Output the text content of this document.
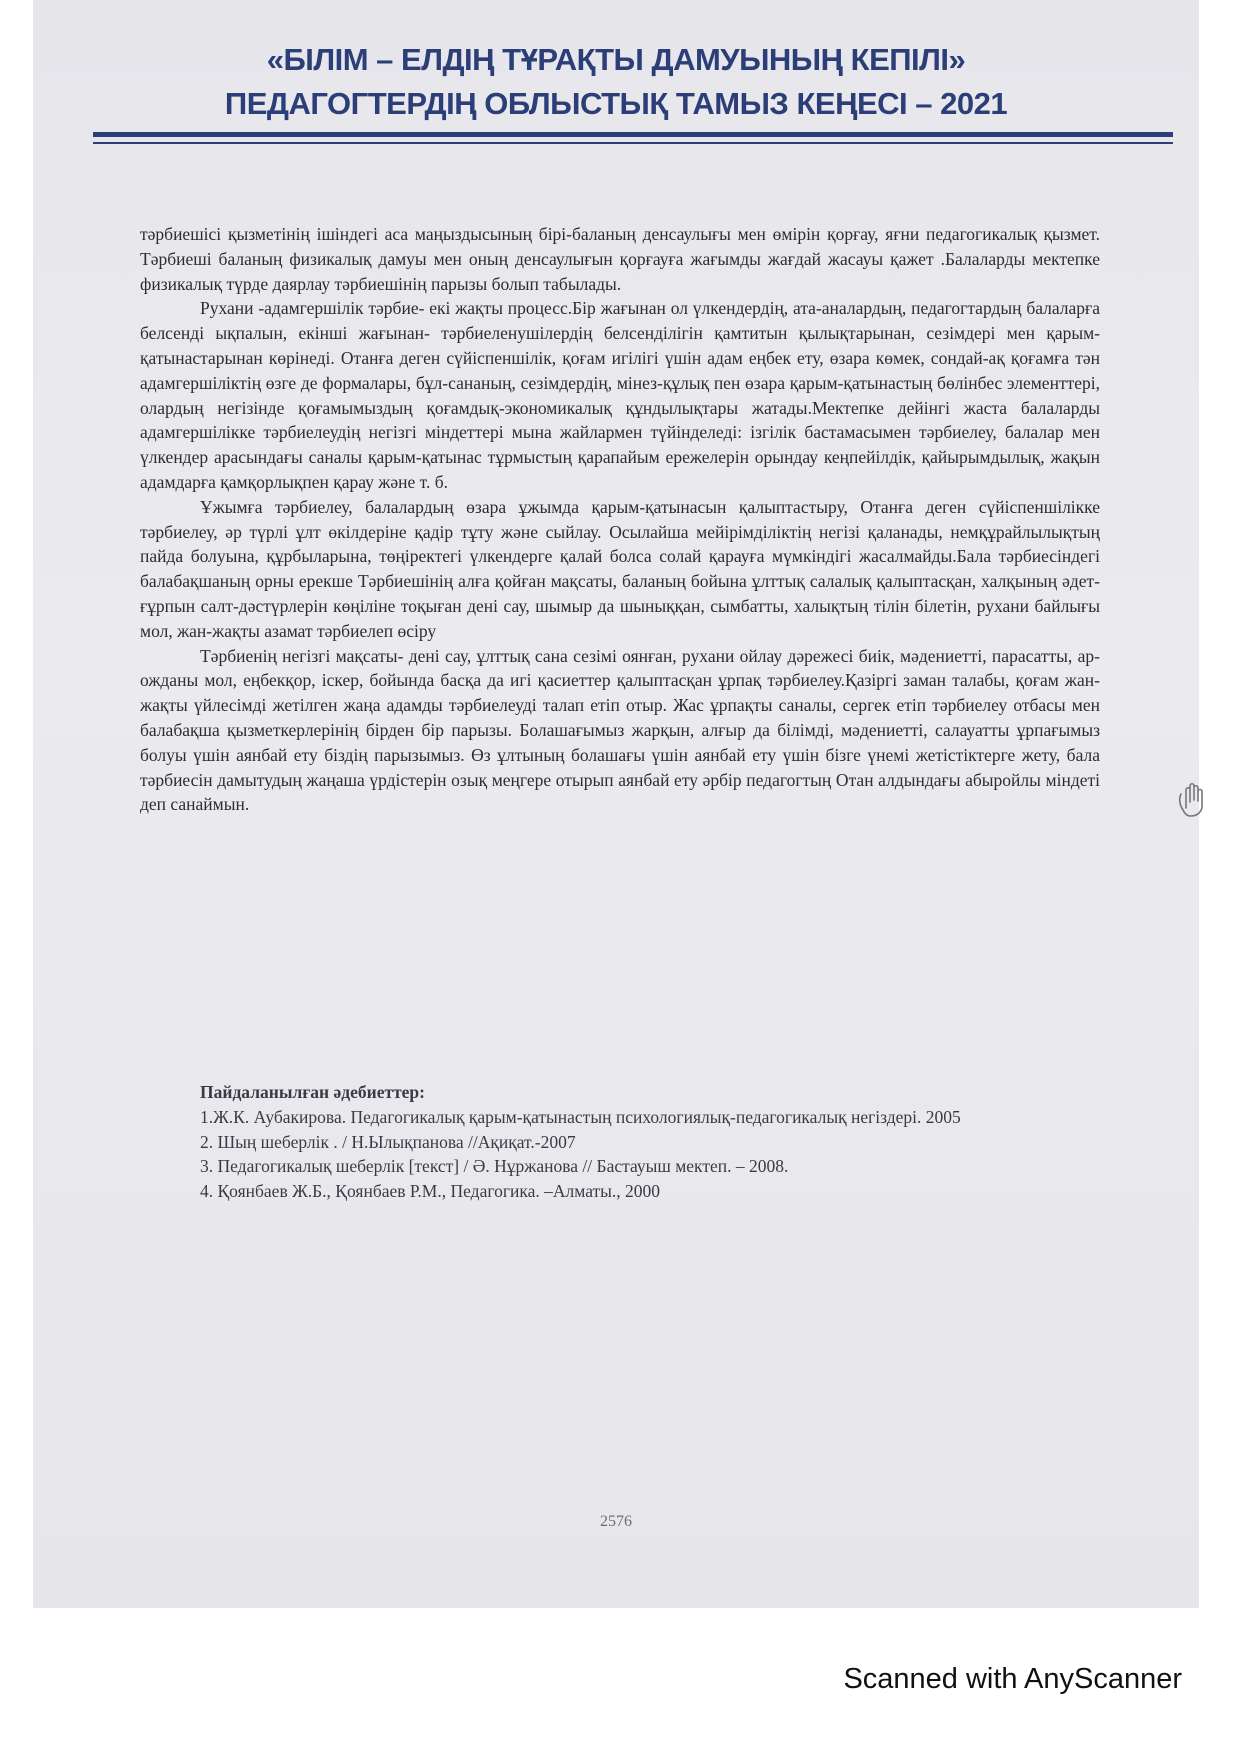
«БІЛІМ – ЕЛДІҢ ТҰРАҚТЫ ДАМУЫНЫҢ КЕПІЛІ»
ПЕДАГОГТЕРДІҢ ОБЛЫСТЫҚ ТАМЫЗ КЕҢЕСІ – 2021

тәрбиешісі қызметінің ішіндегі аса маңыздысының бірі-баланың денсаулығы мен өмірін қорғау, яғни педагогикалық қызмет. Тәрбиеші баланың физикалық дамуы мен оның денсаулығын қорғауға жағымды жағдай жасауы қажет .Балаларды мектепке физикалық түрде даярлау тәрбиешінің парызы болып табылады.

Рухани -адамгершілік тәрбие- екі жақты процесс.Бір жағынан ол үлкендердің, ата-аналардың, педагогтардың балаларға белсенді ықпалын, екінші жағынан- тәрбиеленушілердің белсенділігін қамтитын қылықтарынан, сезімдері мен қарым- қатынастарынан көрінеді. Отанға деген сүйіспеншілік, қоғам игілігі үшін адам еңбек ету, өзара көмек, сондай-ақ қоғамға тән адамгершіліктің өзге де формалары, бұл-сананың, сезімдердің, мінез-құлық пен өзара қарым-қатынастың бөлінбес элементтері, олардың негізінде қоғамымыздың қоғамдық-экономикалық құндылықтары жатады.Мектепке дейінгі жаста балаларды адамгершілікке тәрбиелеудің негізгі міндеттері мына жайлармен түйінделеді: ізгілік бастамасымен тәрбиелеу, балалар мен үлкендер арасындағы саналы қарым-қатынас тұрмыстың қарапайым ережелерін орындау кеңпейілдік, қайырымдылық, жақын адамдарға қамқорлықпен қарау және т. б.

Ұжымға тәрбиелеу, балалардың өзара ұжымда қарым-қатынасын қалыптастыру, Отанға деген сүйіспеншілікке тәрбиелеу, әр түрлі ұлт өкілдеріне қадір тұту және сыйлау. Осылайша мейірімділіктің негізі қаланады, немқұрайлылықтың пайда болуына, құрбыларына, төңіректегі үлкендерге қалай болса солай қарауға мүмкіндігі жасалмайды.Бала тәрбиесіндегі балабақшаның орны ерекше Тәрбиешінің алға қойған мақсаты, баланың бойына ұлттық салалық қалыптасқан, халқының әдет-ғұрпын салт-дәстүрлерін көңіліне тоқыған дені сау, шымыр да шыныққан, сымбатты, халықтың тілін білетін, рухани байлығы мол, жан-жақты азамат тәрбиелеп өсіру

Тәрбиенің негізгі мақсаты- дені сау, ұлттық сана сезімі оянған, рухани ойлау дәрежесі биік, мәдениетті, парасатты, ар-ожданы мол, еңбекқор, іскер, бойында басқа да игі қасиеттер қалыптасқан ұрпақ тәрбиелеу.Қазіргі заман талабы, қоғам жан- жақты үйлесімді жетілген жаңа адамды тәрбиелеуді талап етіп отыр. Жас ұрпақты саналы, сергек етіп тәрбиелеу отбасы мен балабақша қызметкерлерінің бірден бір парызы. Болашағымыз жарқын, алғыр да білімді, мәдениетті, салауатты ұрпағымыз болуы үшін аянбай ету біздің парызымыз. Өз ұлтының болашағы үшін аянбай ету үшін бізге үнемі жетістіктерге жету, бала тәрбиесін дамытудың жаңаша үрдістерін озық меңгере отырып аянбай ету әрбір педагогтың Отан алдындағы абыройлы міндеті деп санаймын.

Пайдаланылған әдебиеттер:
1.Ж.К. Аубакирова. Педагогикалық қарым-қатынастың психологиялық-педагогикалық негіздері. 2005
2. Шың шеберлік . / Н.Ылықпанова //Ақиқат.-2007
3. Педагогикалық шеберлік [текст] / Ә. Нұржанова // Бастауыш мектеп. – 2008.
4. Қоянбаев Ж.Б., Қоянбаев Р.М., Педагогика. –Алматы., 2000
2576
Scanned with AnyScanner
